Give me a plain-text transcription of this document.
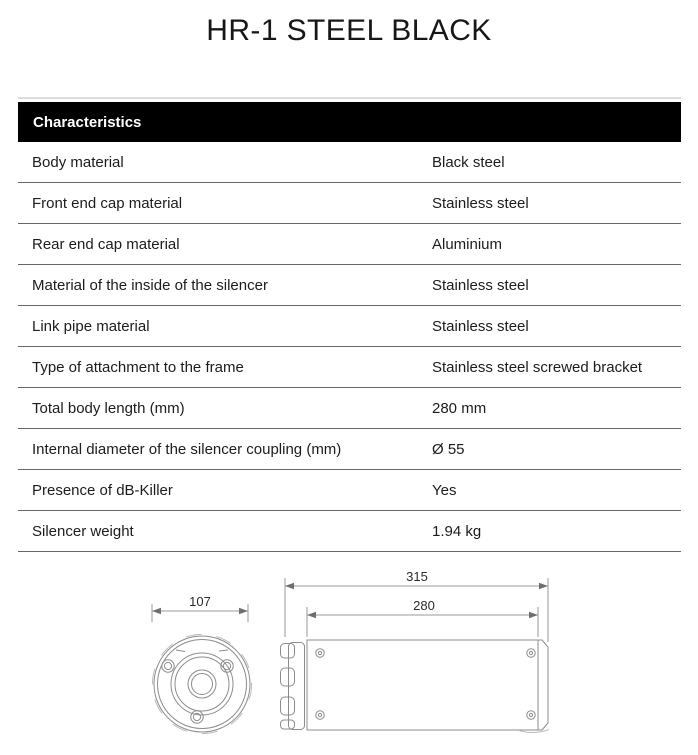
HR-1 STEEL BLACK
Characteristics
Body material	Black steel
Front end cap material	Stainless steel
Rear end cap material	Aluminium
Material of the inside of the silencer	Stainless steel
Link pipe material	Stainless steel
Type of attachment to the frame	Stainless steel screwed bracket
Total body length (mm)	280 mm
Internal diameter of the silencer coupling (mm)	Ø 55
Presence of dB-Killer	Yes
Silencer weight	1.94 kg
107
315
280
